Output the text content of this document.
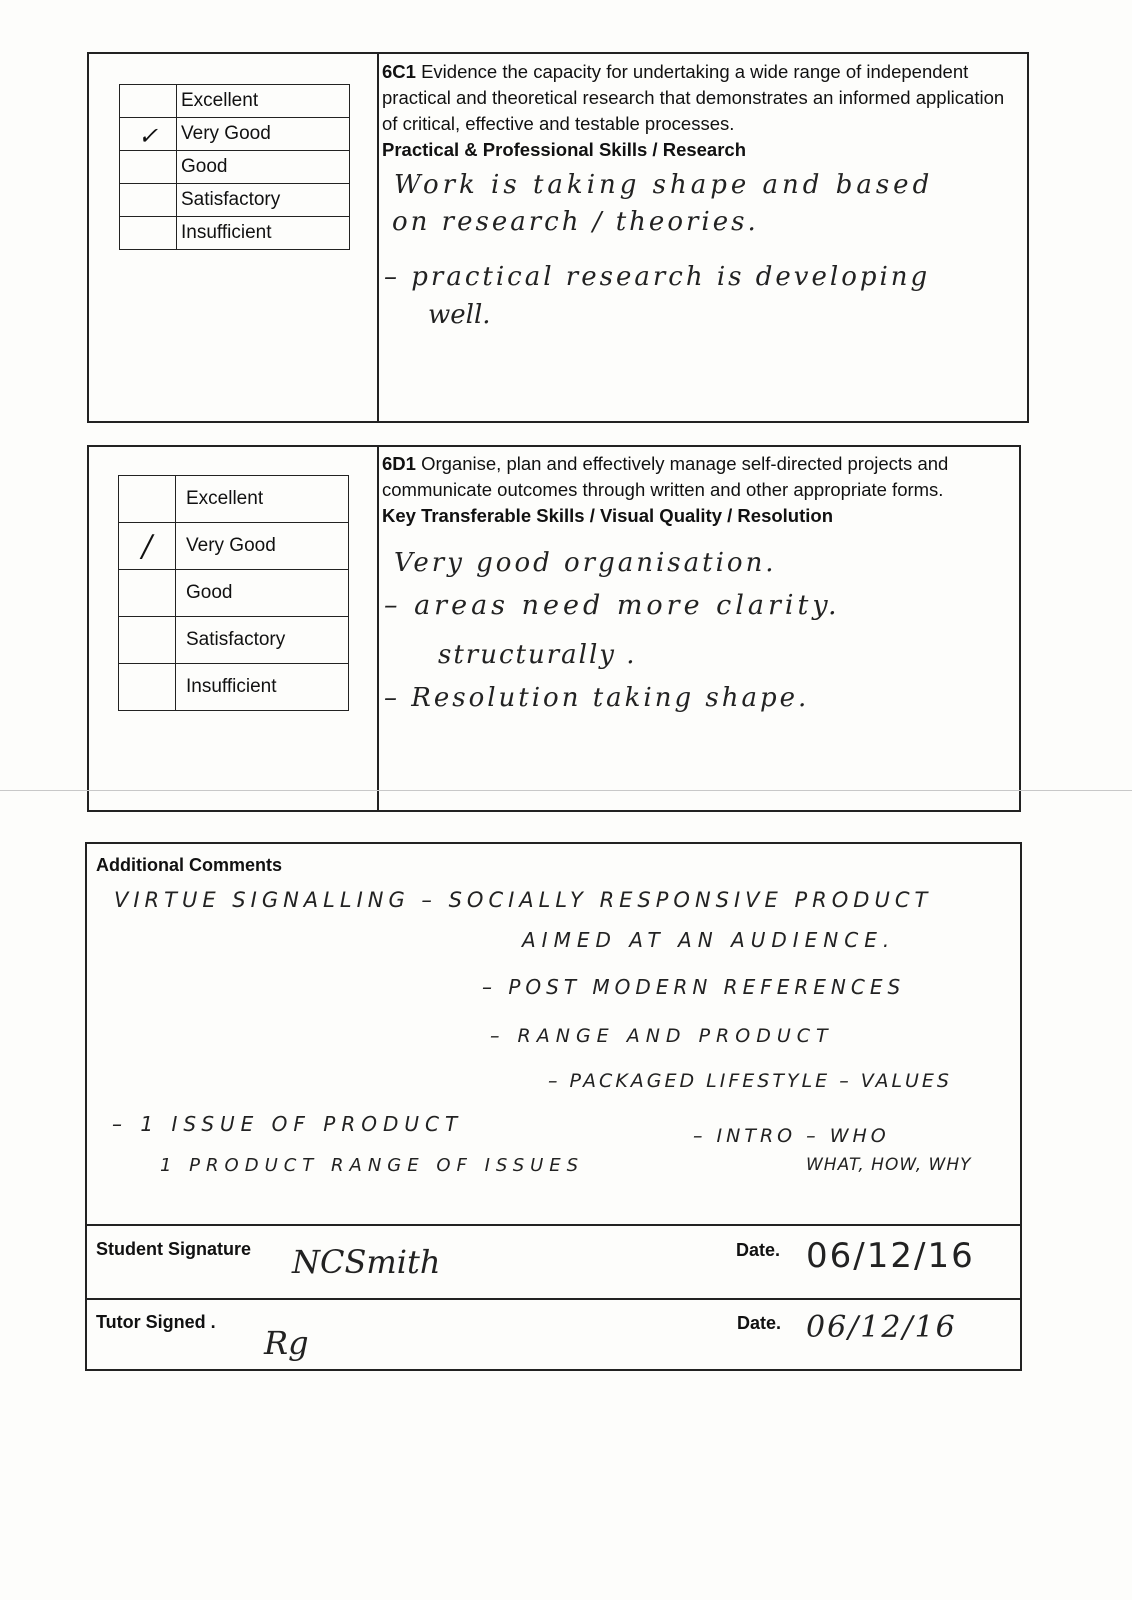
	Excellent
✓	Very Good
	Good
	Satisfactory
	Insufficient
6C1 Evidence the capacity for undertaking a wide range of independent practical and theoretical research that demonstrates an informed application of critical, effective and testable processes.
Practical & Professional Skills / Research
Work is taking shape and based
on research / theories.
– practical research is developing
well.
	Excellent
/	Very Good
	Good
	Satisfactory
	Insufficient
6D1 Organise, plan and effectively manage self-directed projects and communicate outcomes through written and other appropriate forms.
Key Transferable Skills / Visual Quality / Resolution
Very good organisation.
– areas need more clarity.
structurally .
– Resolution taking shape.
Additional Comments
VIRTUE SIGNALLING – SOCIALLY RESPONSIVE PRODUCT
AIMED AT AN AUDIENCE.
– POST MODERN REFERENCES
– RANGE AND PRODUCT
– PACKAGED LIFESTYLE – VALUES
– 1 ISSUE OF PRODUCT
1 PRODUCT RANGE OF ISSUES
– INTRO – WHO
WHAT, HOW, WHY
Student Signature NCSmith	Date. 06/12/16
Tutor Signed .
Rg
Date. 06/12/16
